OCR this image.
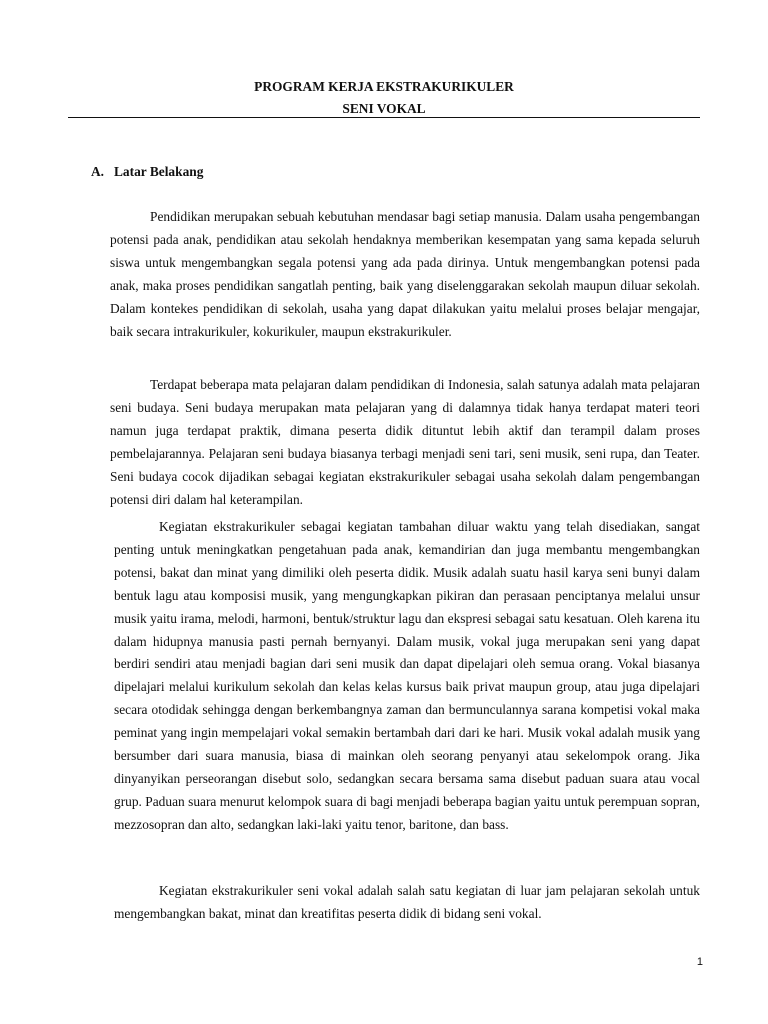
PROGRAM KERJA EKSTRAKURIKULER
SENI VOKAL
A. Latar Belakang

Pendidikan merupakan sebuah kebutuhan mendasar bagi setiap manusia. Dalam usaha pengembangan potensi pada anak, pendidikan atau sekolah hendaknya memberikan kesempatan yang sama kepada seluruh siswa untuk mengembangkan segala potensi yang ada pada dirinya. Untuk mengembangkan potensi pada anak, maka proses pendidikan sangatlah penting, baik yang diselenggarakan sekolah maupun diluar sekolah. Dalam kontekes pendidikan di sekolah, usaha yang dapat dilakukan yaitu melalui proses belajar mengajar, baik secara intrakurikuler, kokurikuler, maupun ekstrakurikuler.

Terdapat beberapa mata pelajaran dalam pendidikan di Indonesia, salah satunya adalah mata pelajaran seni budaya. Seni budaya merupakan mata pelajaran yang di dalamnya tidak hanya terdapat materi teori namun juga terdapat praktik, dimana peserta didik dituntut lebih aktif dan terampil dalam proses pembelajarannya. Pelajaran seni budaya biasanya terbagi menjadi seni tari, seni musik, seni rupa, dan Teater. Seni budaya cocok dijadikan sebagai kegiatan ekstrakurikuler sebagai usaha sekolah dalam pengembangan potensi diri dalam hal keterampilan.

Kegiatan ekstrakurikuler sebagai kegiatan tambahan diluar waktu yang telah disediakan, sangat penting untuk meningkatkan pengetahuan pada anak, kemandirian dan juga membantu mengembangkan potensi, bakat dan minat yang dimiliki oleh peserta didik. Musik adalah suatu hasil karya seni bunyi dalam bentuk lagu atau komposisi musik, yang mengungkapkan pikiran dan perasaan penciptanya melalui unsur musik yaitu irama, melodi, harmoni, bentuk/struktur lagu dan ekspresi sebagai satu kesatuan. Oleh karena itu dalam hidupnya manusia pasti pernah bernyanyi. Dalam musik, vokal juga merupakan seni yang dapat berdiri sendiri atau menjadi bagian dari seni musik dan dapat dipelajari oleh semua orang. Vokal biasanya dipelajari melalui kurikulum sekolah dan kelas kelas kursus baik privat maupun group, atau juga dipelajari secara otodidak sehingga dengan berkembangnya zaman dan bermunculannya sarana kompetisi vokal maka peminat yang ingin mempelajari vokal semakin bertambah dari dari ke hari. Musik vokal adalah musik yang bersumber dari suara manusia, biasa di mainkan oleh seorang penyanyi atau sekelompok orang. Jika dinyanyikan perseorangan disebut solo, sedangkan secara bersama sama disebut paduan suara atau vocal grup. Paduan suara menurut kelompok suara di bagi menjadi beberapa bagian yaitu untuk perempuan sopran, mezzosopran dan alto, sedangkan laki-laki yaitu tenor, baritone, dan bass.

Kegiatan ekstrakurikuler seni vokal adalah salah satu kegiatan di luar jam pelajaran sekolah untuk mengembangkan bakat, minat dan kreatifitas peserta didik di bidang seni vokal.

1
